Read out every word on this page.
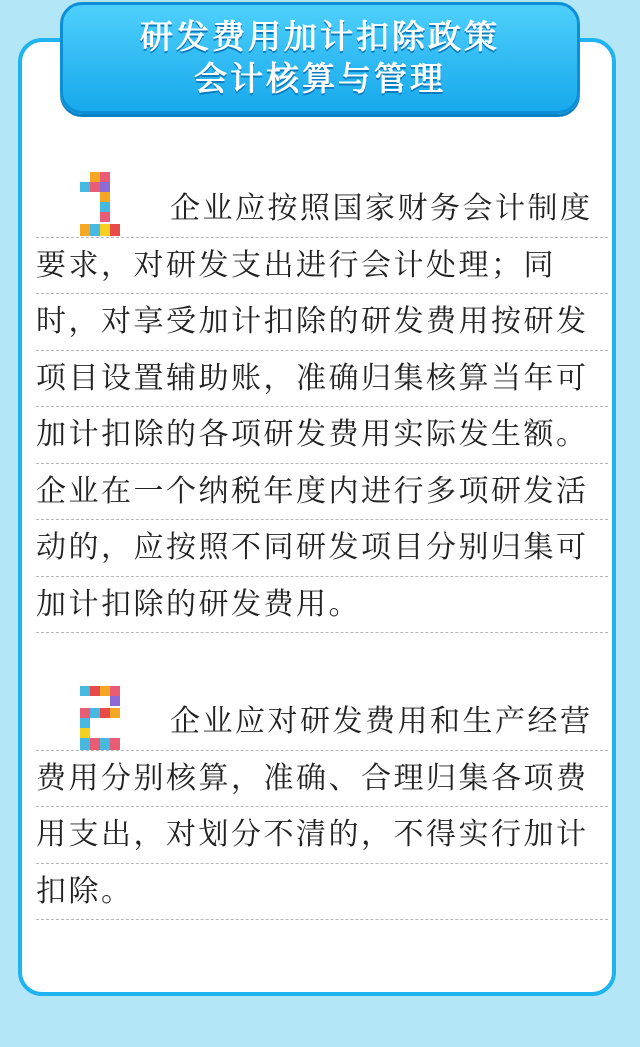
研发费用加计扣除政策
会计核算与管理
企业应按照国家财务会计制度
要求，对研发支出进行会计处理；同
时，对享受加计扣除的研发费用按研发
项目设置辅助账，准确归集核算当年可
加计扣除的各项研发费用实际发生额。
企业在一个纳税年度内进行多项研发活
动的，应按照不同研发项目分别归集可
加计扣除的研发费用。
企业应对研发费用和生产经营
费用分别核算，准确、合理归集各项费
用支出，对划分不清的，不得实行加计
扣除。
